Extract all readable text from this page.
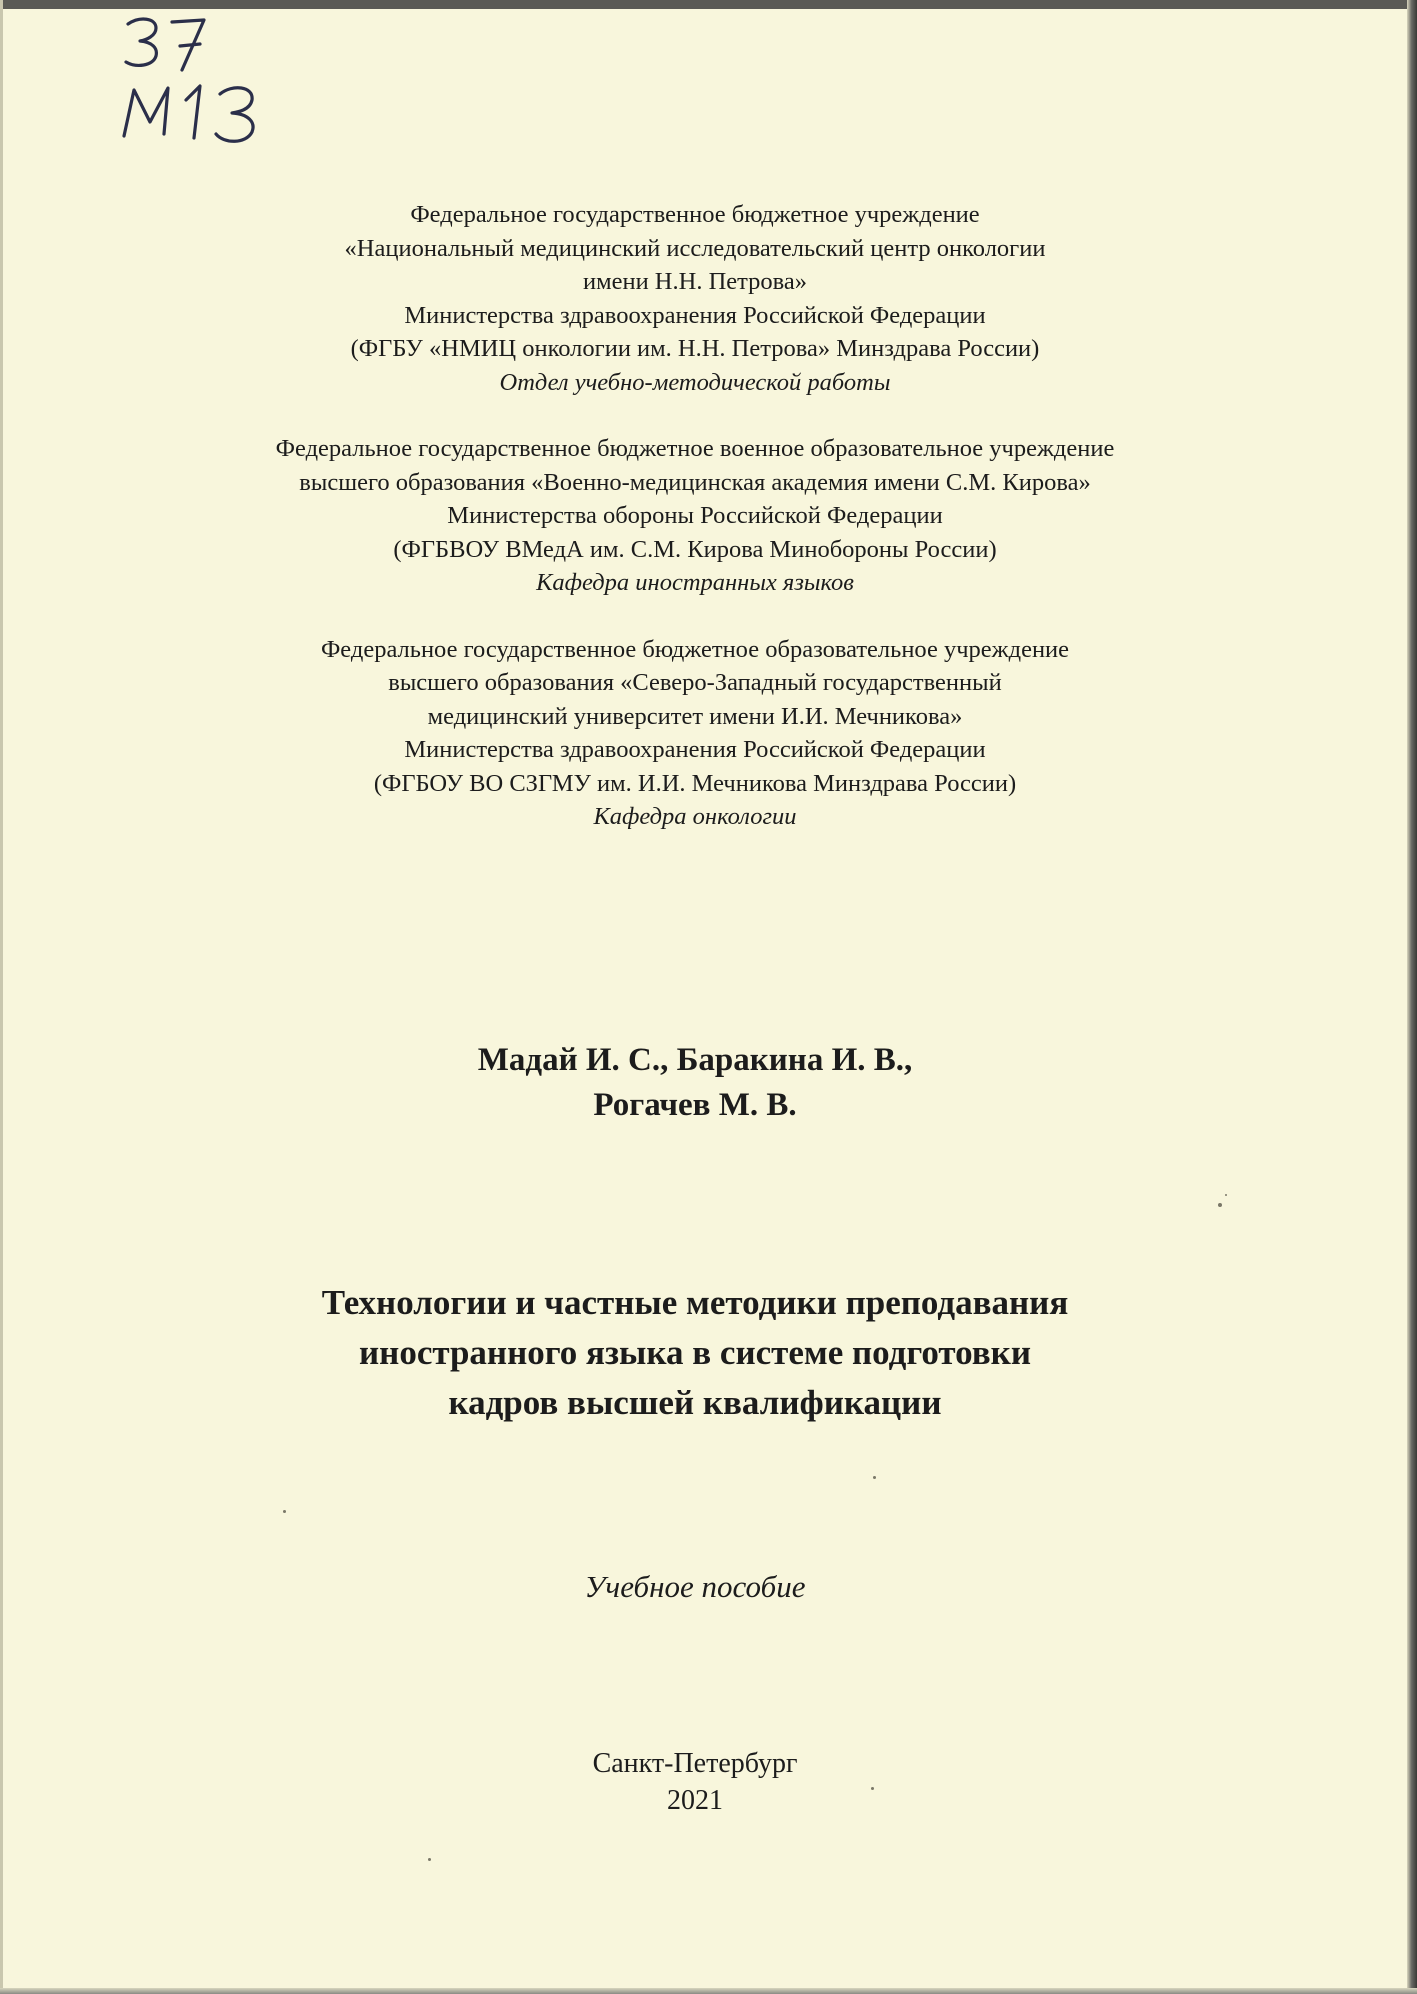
Федеральное государственное бюджетное учреждение
«Национальный медицинский исследовательский центр онкологии
имени Н.Н. Петрова»
Министерства здравоохранения Российской Федерации
(ФГБУ «НМИЦ онкологии им. Н.Н. Петрова» Минздрава России)
Отдел учебно-методической работы
Федеральное государственное бюджетное военное образовательное учреждение
высшего образования «Военно-медицинская академия имени С.М. Кирова»
Министерства обороны Российской Федерации
(ФГБВОУ ВМедА им. С.М. Кирова Минобороны России)
Кафедра иностранных языков
Федеральное государственное бюджетное образовательное учреждение
высшего образования «Северо-Западный государственный
медицинский университет имени И.И. Мечникова»
Министерства здравоохранения Российской Федерации
(ФГБОУ ВО СЗГМУ им. И.И. Мечникова Минздрава России)
Кафедра онкологии
Мадай И. С., Баракина И. В.,
Рогачев М. В.
Технологии и частные методики преподавания
иностранного языка в системе подготовки
кадров высшей квалификации
Учебное пособие
Санкт-Петербург
2021
